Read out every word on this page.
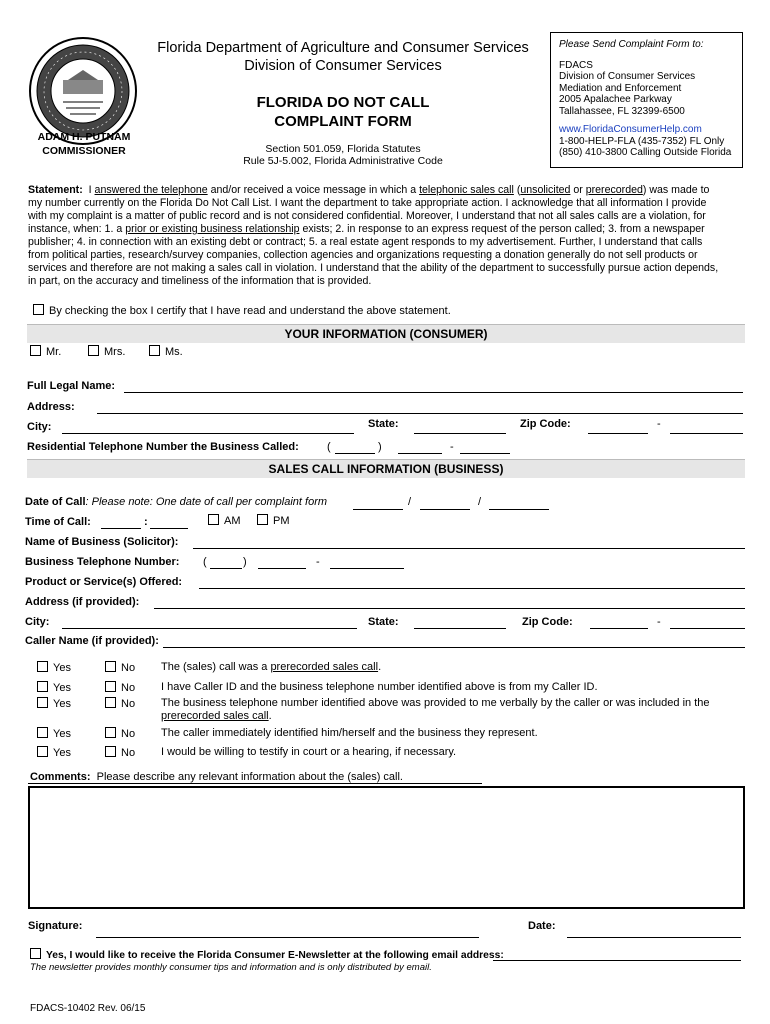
ADAM H. PUTNAM
COMMISSIONER
Florida Department of Agriculture and Consumer Services
Division of Consumer Services
FLORIDA DO NOT CALL
COMPLAINT FORM
Section 501.059, Florida Statutes
Rule 5J-5.002, Florida Administrative Code
Please Send Complaint Form to:
FDACS
Division of Consumer Services
Mediation and Enforcement
2005 Apalachee Parkway
Tallahassee, FL 32399-6500
www.FloridaConsumerHelp.com
1-800-HELP-FLA (435-7352) FL Only
(850) 410-3800 Calling Outside Florida
Statement: I answered the telephone and/or received a voice message in which a telephonic sales call (unsolicited or prerecorded) was made to
my number currently on the Florida Do Not Call List. I want the department to take appropriate action. I acknowledge that all information I provide
with my complaint is a matter of public record and is not considered confidential. Moreover, I understand that not all sales calls are a violation, for
instance, when: 1. a prior or existing business relationship exists; 2. in response to an express request of the person called; 3. from a newspaper
publisher; 4. in connection with an existing debt or contract; 5. a real estate agent responds to my advertisement. Further, I understand that calls
from political parties, research/survey companies, collection agencies and organizations requesting a donation generally do not sell products or
services and therefore are not making a sales call in violation. I understand that the ability of the department to successfully pursue action depends,
in part, on the accuracy and timeliness of the information that is provided.
By checking the box I certify that I have read and understand the above statement.
YOUR INFORMATION (CONSUMER)
Mr.	Mrs.	Ms.
Full Legal Name:
Address:
City:	State:	Zip Code:	-
Residential Telephone Number the Business Called:	(	)	-
SALES CALL INFORMATION (BUSINESS)
Date of Call: Please note: One date of call per complaint form	/	/
Time of Call:	:	AM	PM
Name of Business (Solicitor):
Business Telephone Number: (	)	-
Product or Service(s) Offered:
Address (if provided):
City:	State:	Zip Code:	-
Caller Name (if provided):
Yes	No The (sales) call was a prerecorded sales call.
Yes	No I have Caller ID and the business telephone number identified above is from my Caller ID.
Yes	No The business telephone number identified above was provided to me verbally by the caller or was included in the
prerecorded sales call.
Yes	No The caller immediately identified him/herself and the business they represent.
Yes	No I would be willing to testify in court or a hearing, if necessary.
Comments: Please describe any relevant information about the (sales) call.
Signature:	Date:
Yes, I would like to receive the Florida Consumer E-Newsletter at the following email address:
The newsletter provides monthly consumer tips and information and is only distributed by email.
FDACS-10402 Rev. 06/15
